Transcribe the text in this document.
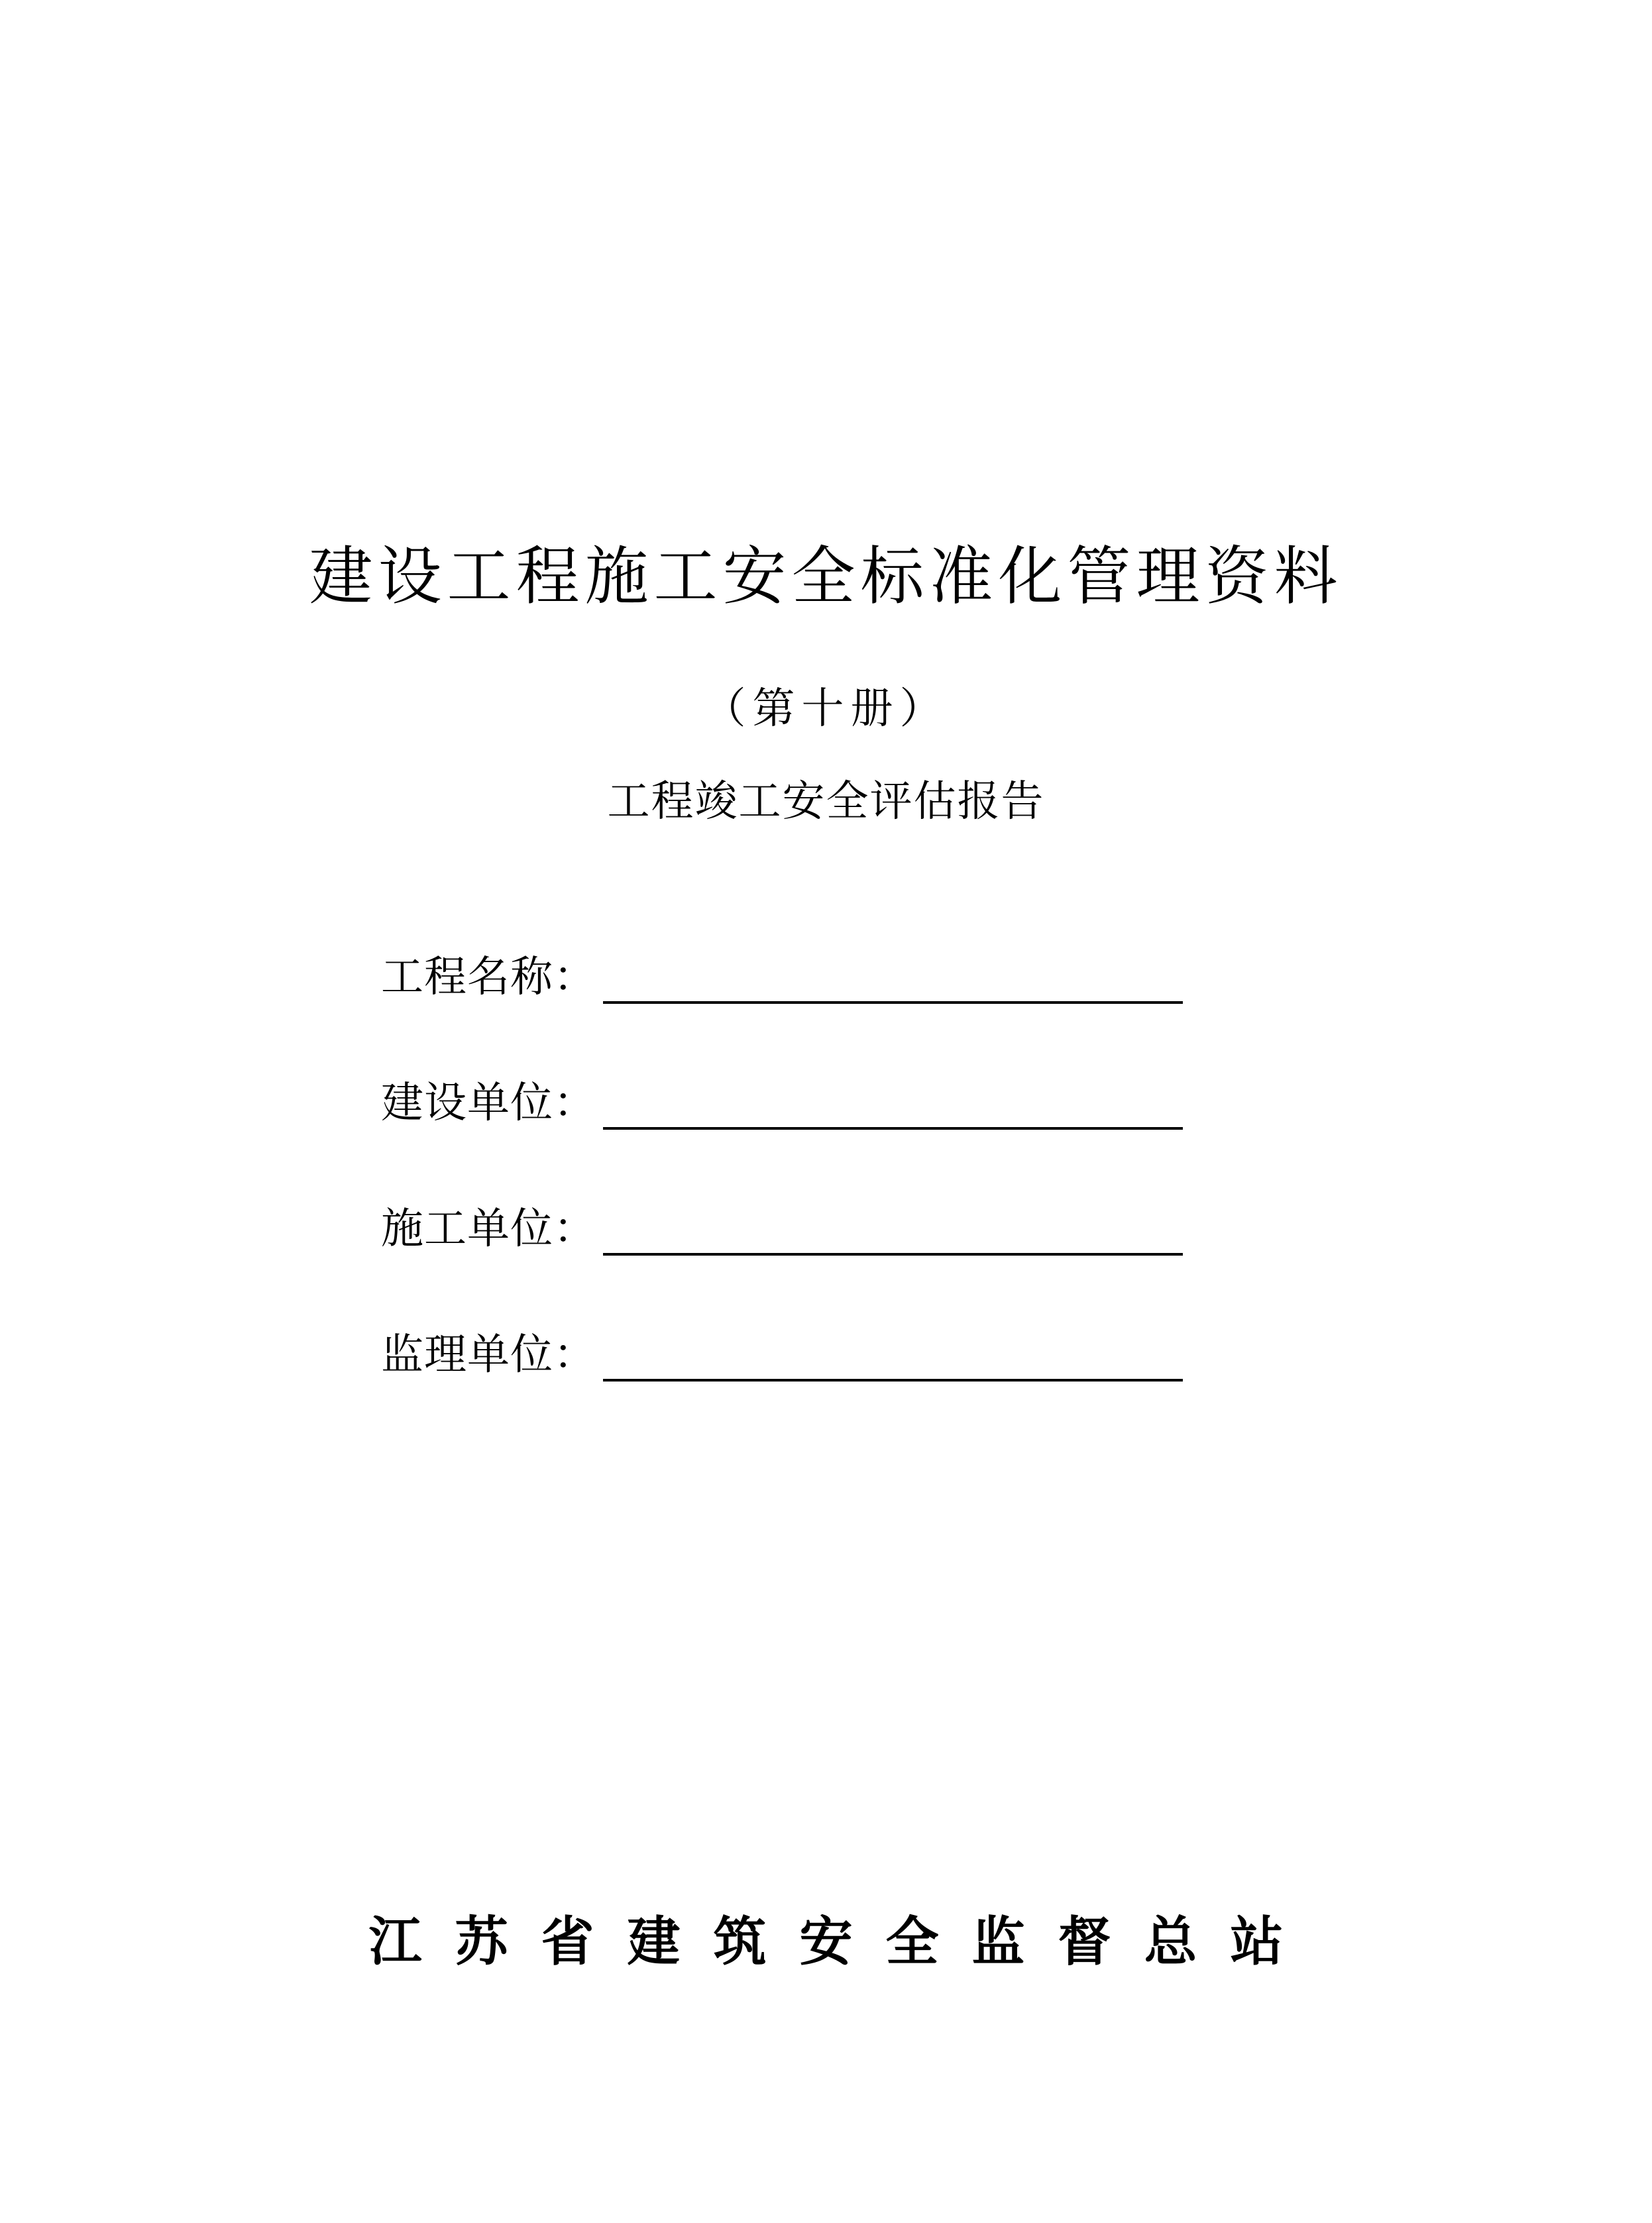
建设工程施工安全标准化管理资料
（第十册）
工程竣工安全评估报告
工程名称：
建设单位：
施工单位：
监理单位：
江苏省建筑安全监督总站
